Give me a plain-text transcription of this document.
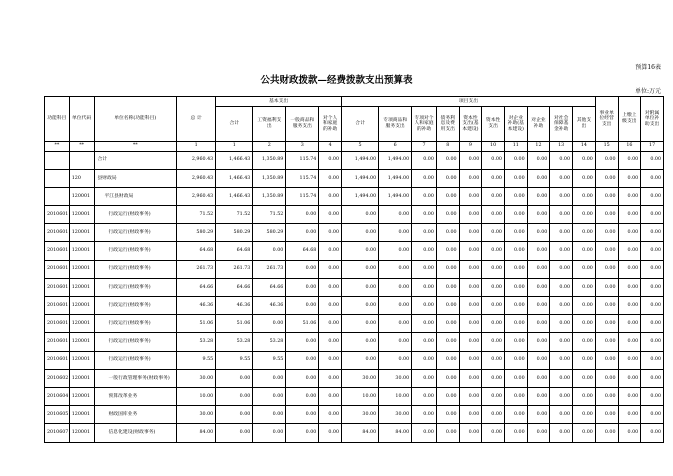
预算16表
公共财政拨款—经费拨款支出预算表
单位:万元
功能科目	单位代码	单位名称(功能科目)	总 计	基本支出				项目支出										事业单位经营支出	上缴上级支出	对附属单位补助支出
				合计	工资福利支出	一般商品和服务支出	对个人和家庭的补助	合计	专项商品和服务支出	专项对个人和家庭的补助	债务利息及费用支出	资本性支出(基本建设)	资本性支出	对企业补助(基本建设)	对企业补助	对社会保障基金补助	其他支出			
**	**	**	1	1	2	3	4	5	6	7	8	9	10	11	12	13	14	15	16	17
		合计	2,960.43	1,466.43	1,350.89	115.74	0.00	1,494.00	1,494.00	0.00	0.00	0.00	0.00	0.00	0.00	0.00	0.00	0.00	0.00	0.00
	120	县财政局	2,960.43	1,466.43	1,350.89	115.74	0.00	1,494.00	1,494.00	0.00	0.00	0.00	0.00	0.00	0.00	0.00	0.00	0.00	0.00	0.00
	120001	平江县财政局	2,960.43	1,466.43	1,350.89	115.74	0.00	1,494.00	1,494.00	0.00	0.00	0.00	0.00	0.00	0.00	0.00	0.00	0.00	0.00	0.00
2010601	120001	行政运行(财政事务)	71.52	71.52	71.52	0.00	0.00	0.00	0.00	0.00	0.00	0.00	0.00	0.00	0.00	0.00	0.00	0.00	0.00	0.00
2010601	120001	行政运行(财政事务)	580.29	580.29	580.29	0.00	0.00	0.00	0.00	0.00	0.00	0.00	0.00	0.00	0.00	0.00	0.00	0.00	0.00	0.00
2010601	120001	行政运行(财政事务)	64.68	64.68	0.00	64.68	0.00	0.00	0.00	0.00	0.00	0.00	0.00	0.00	0.00	0.00	0.00	0.00	0.00	0.00
2010601	120001	行政运行(财政事务)	261.73	261.73	261.73	0.00	0.00	0.00	0.00	0.00	0.00	0.00	0.00	0.00	0.00	0.00	0.00	0.00	0.00	0.00
2010601	120001	行政运行(财政事务)	64.66	64.66	64.66	0.00	0.00	0.00	0.00	0.00	0.00	0.00	0.00	0.00	0.00	0.00	0.00	0.00	0.00	0.00
2010601	120001	行政运行(财政事务)	46.36	46.36	46.36	0.00	0.00	0.00	0.00	0.00	0.00	0.00	0.00	0.00	0.00	0.00	0.00	0.00	0.00	0.00
2010601	120001	行政运行(财政事务)	51.06	51.06	0.00	51.06	0.00	0.00	0.00	0.00	0.00	0.00	0.00	0.00	0.00	0.00	0.00	0.00	0.00	0.00
2010601	120001	行政运行(财政事务)	53.28	53.28	53.28	0.00	0.00	0.00	0.00	0.00	0.00	0.00	0.00	0.00	0.00	0.00	0.00	0.00	0.00	0.00
2010601	120001	行政运行(财政事务)	9.55	9.55	9.55	0.00	0.00	0.00	0.00	0.00	0.00	0.00	0.00	0.00	0.00	0.00	0.00	0.00	0.00	0.00
2010602	120001	一般行政管理事务(财政事务)	30.00	0.00	0.00	0.00	0.00	30.00	30.00	0.00	0.00	0.00	0.00	0.00	0.00	0.00	0.00	0.00	0.00	0.00
2010604	120001	预算改革业务	10.00	0.00	0.00	0.00	0.00	10.00	10.00	0.00	0.00	0.00	0.00	0.00	0.00	0.00	0.00	0.00	0.00	0.00
2010605	120001	财政国库业务	30.00	0.00	0.00	0.00	0.00	30.00	30.00	0.00	0.00	0.00	0.00	0.00	0.00	0.00	0.00	0.00	0.00	0.00
2010607	120001	信息化建设(财政事务)	84.00	0.00	0.00	0.00	0.00	84.00	84.00	0.00	0.00	0.00	0.00	0.00	0.00	0.00	0.00	0.00	0.00	0.00
